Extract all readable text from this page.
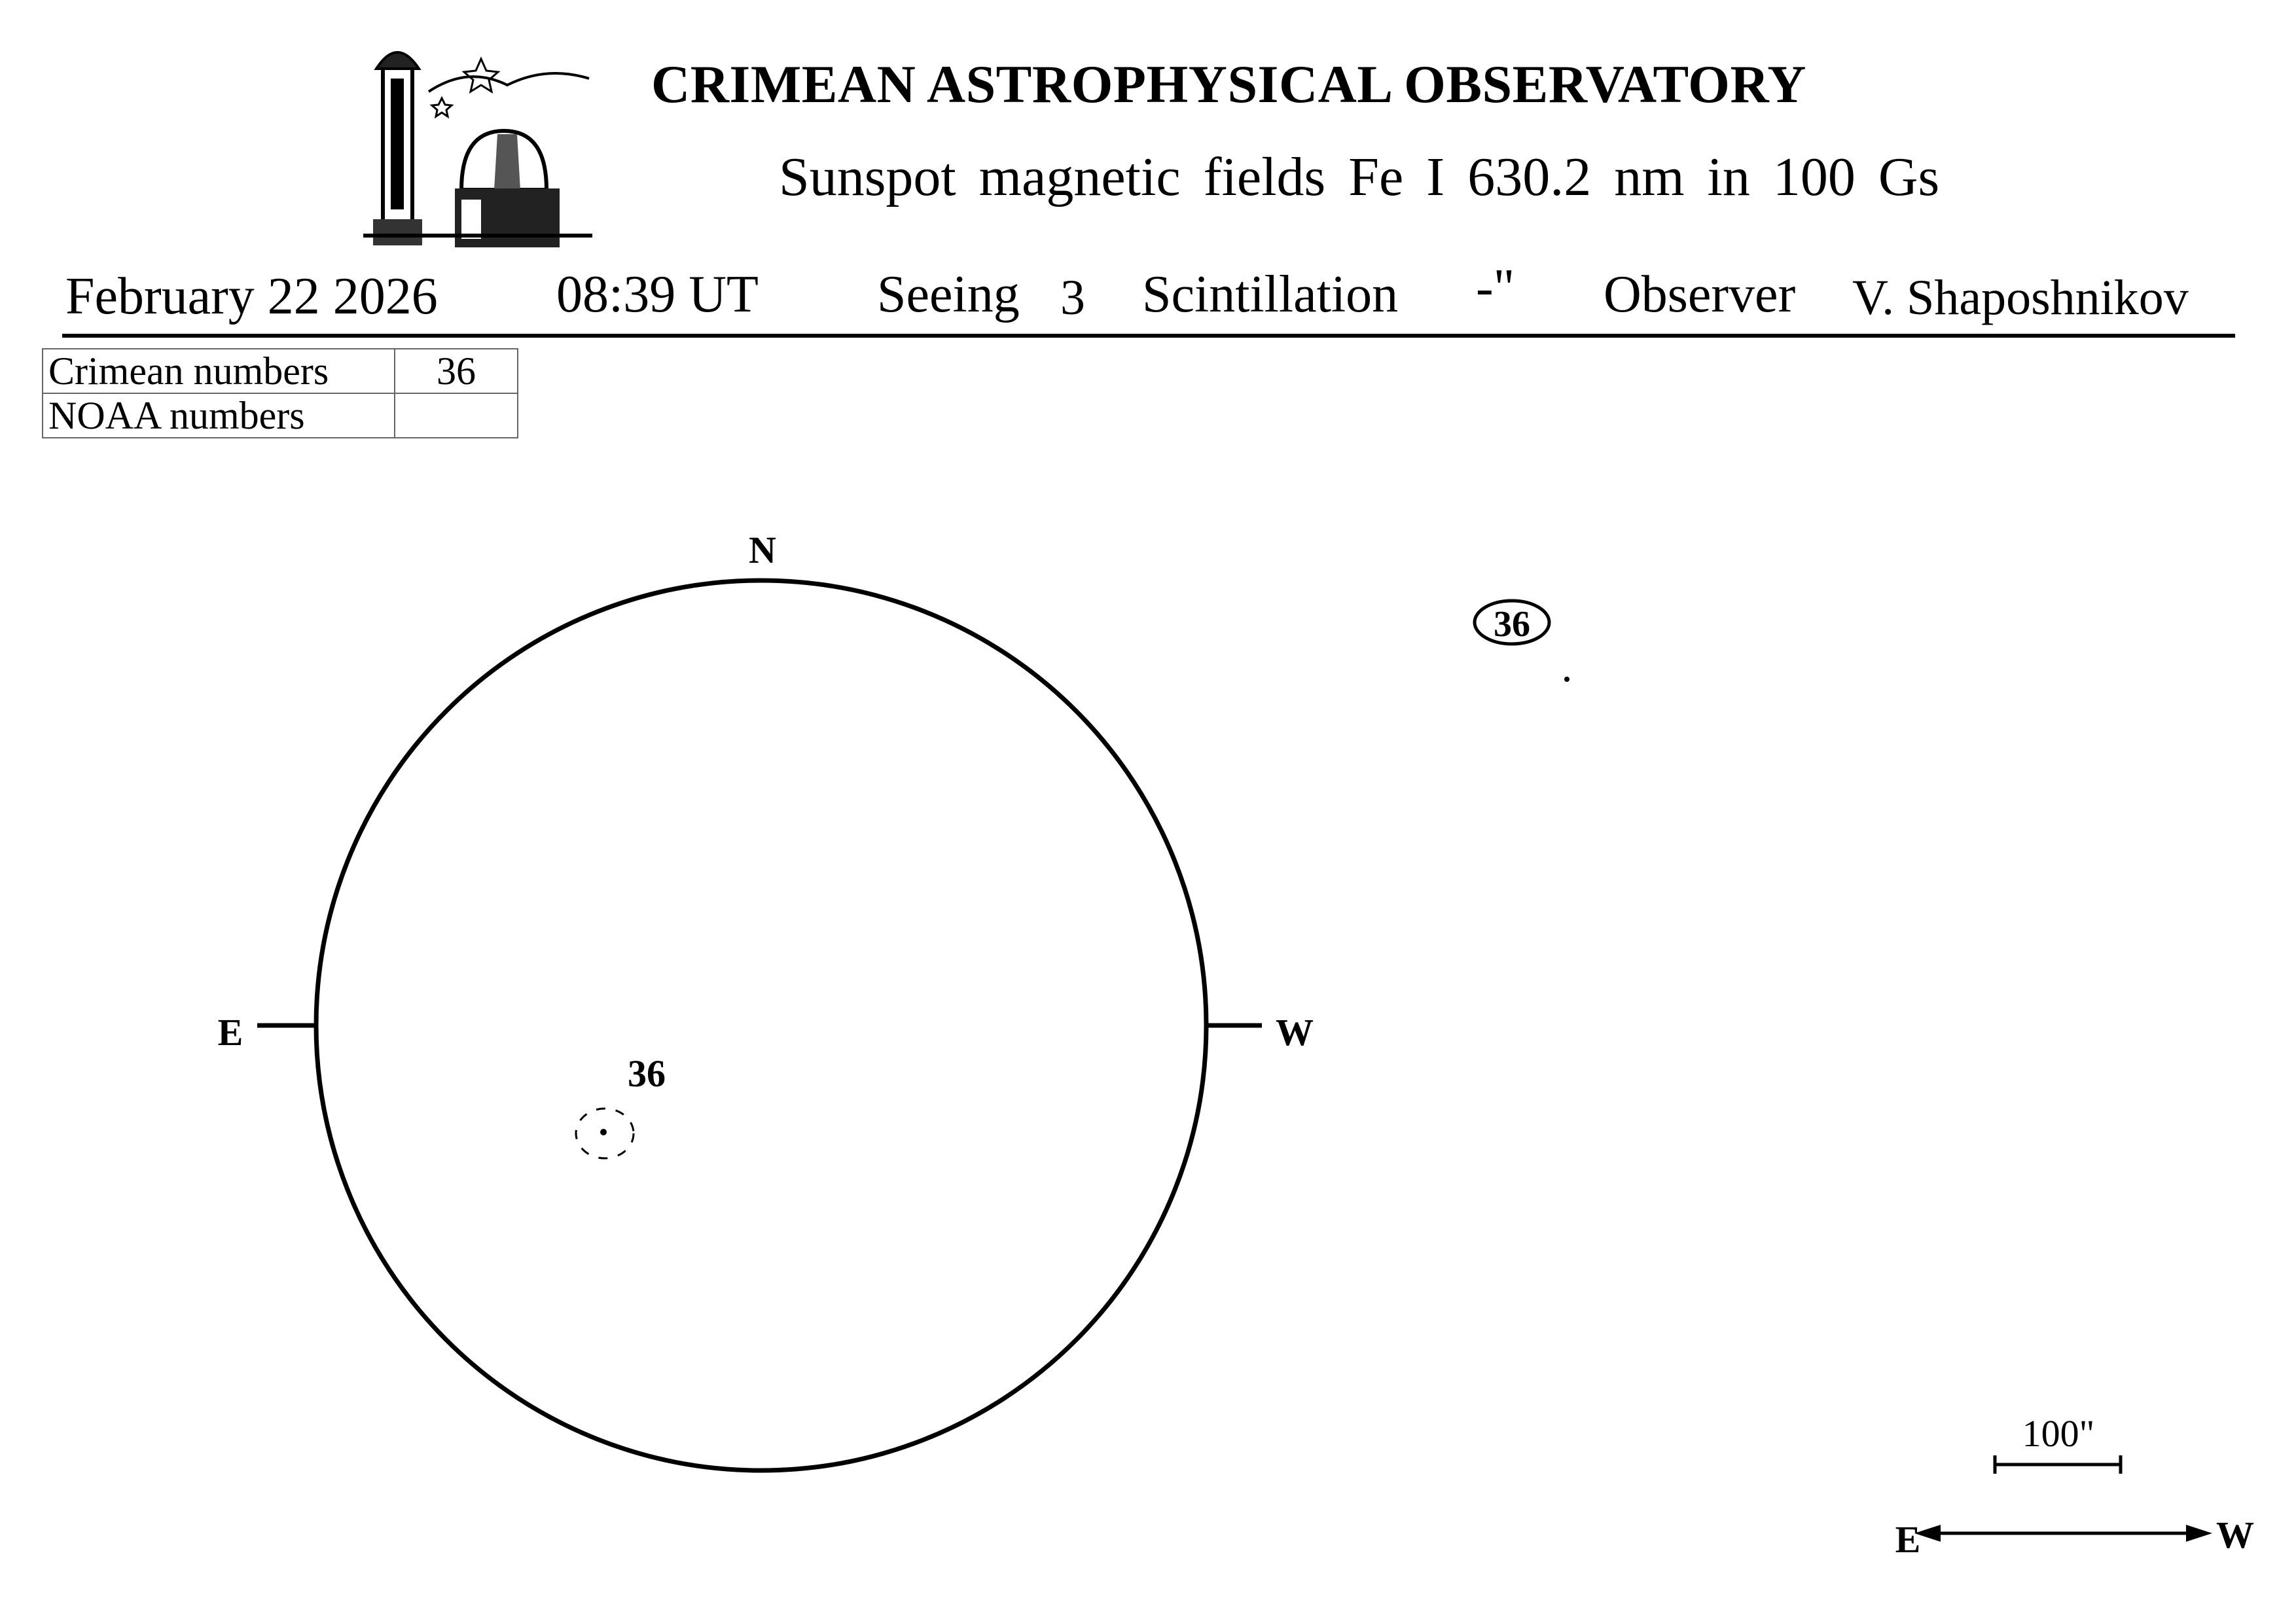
CRIMEAN ASTROPHYSICAL OBSERVATORY
Sunspot magnetic fields Fe I 630.2 nm in 100 Gs
February 22 2026 08:39 UT Seeing 3 Scintillation -" Observer V. Shaposhnikov
Crimean numbers	36
NOAA numbers	
N
E	W
36
36
100"
E	W
